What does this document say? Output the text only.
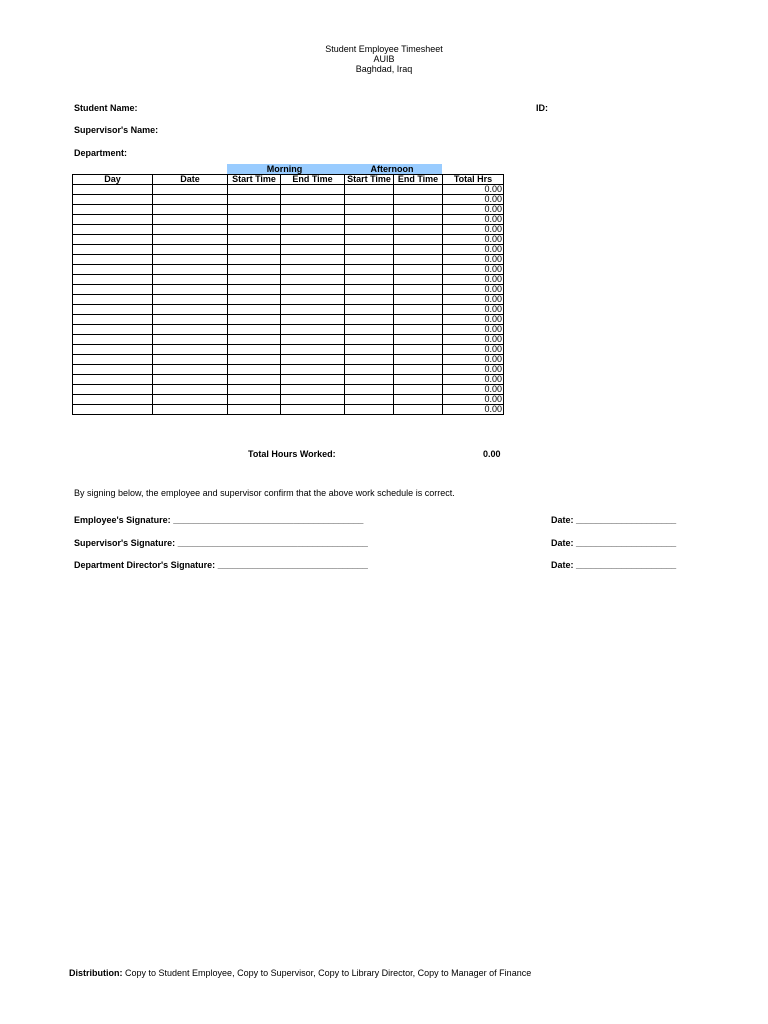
Student Employee Timesheet
AUIB
Baghdad, Iraq
Student Name:	ID:
Supervisor's Name:
Department:
Morning	Afternoon
Day	Date	Start Time	End Time	Start Time	End Time	Total Hrs
						0.00
						0.00
						0.00
						0.00
						0.00
						0.00
						0.00
						0.00
						0.00
						0.00
						0.00
						0.00
						0.00
						0.00
						0.00
						0.00
						0.00
						0.00
						0.00
						0.00
						0.00
						0.00
						0.00
Total Hours Worked:	0.00
By signing below, the employee and supervisor confirm that the above work schedule is correct.
Employee's Signature: ______________________________________	Date: ____________________
Supervisor's Signature: ______________________________________	Date: ____________________
Department Director's Signature: ______________________________	Date: ____________________
Distribution: Copy to Student Employee, Copy to Supervisor, Copy to Library Director, Copy to Manager of Finance
